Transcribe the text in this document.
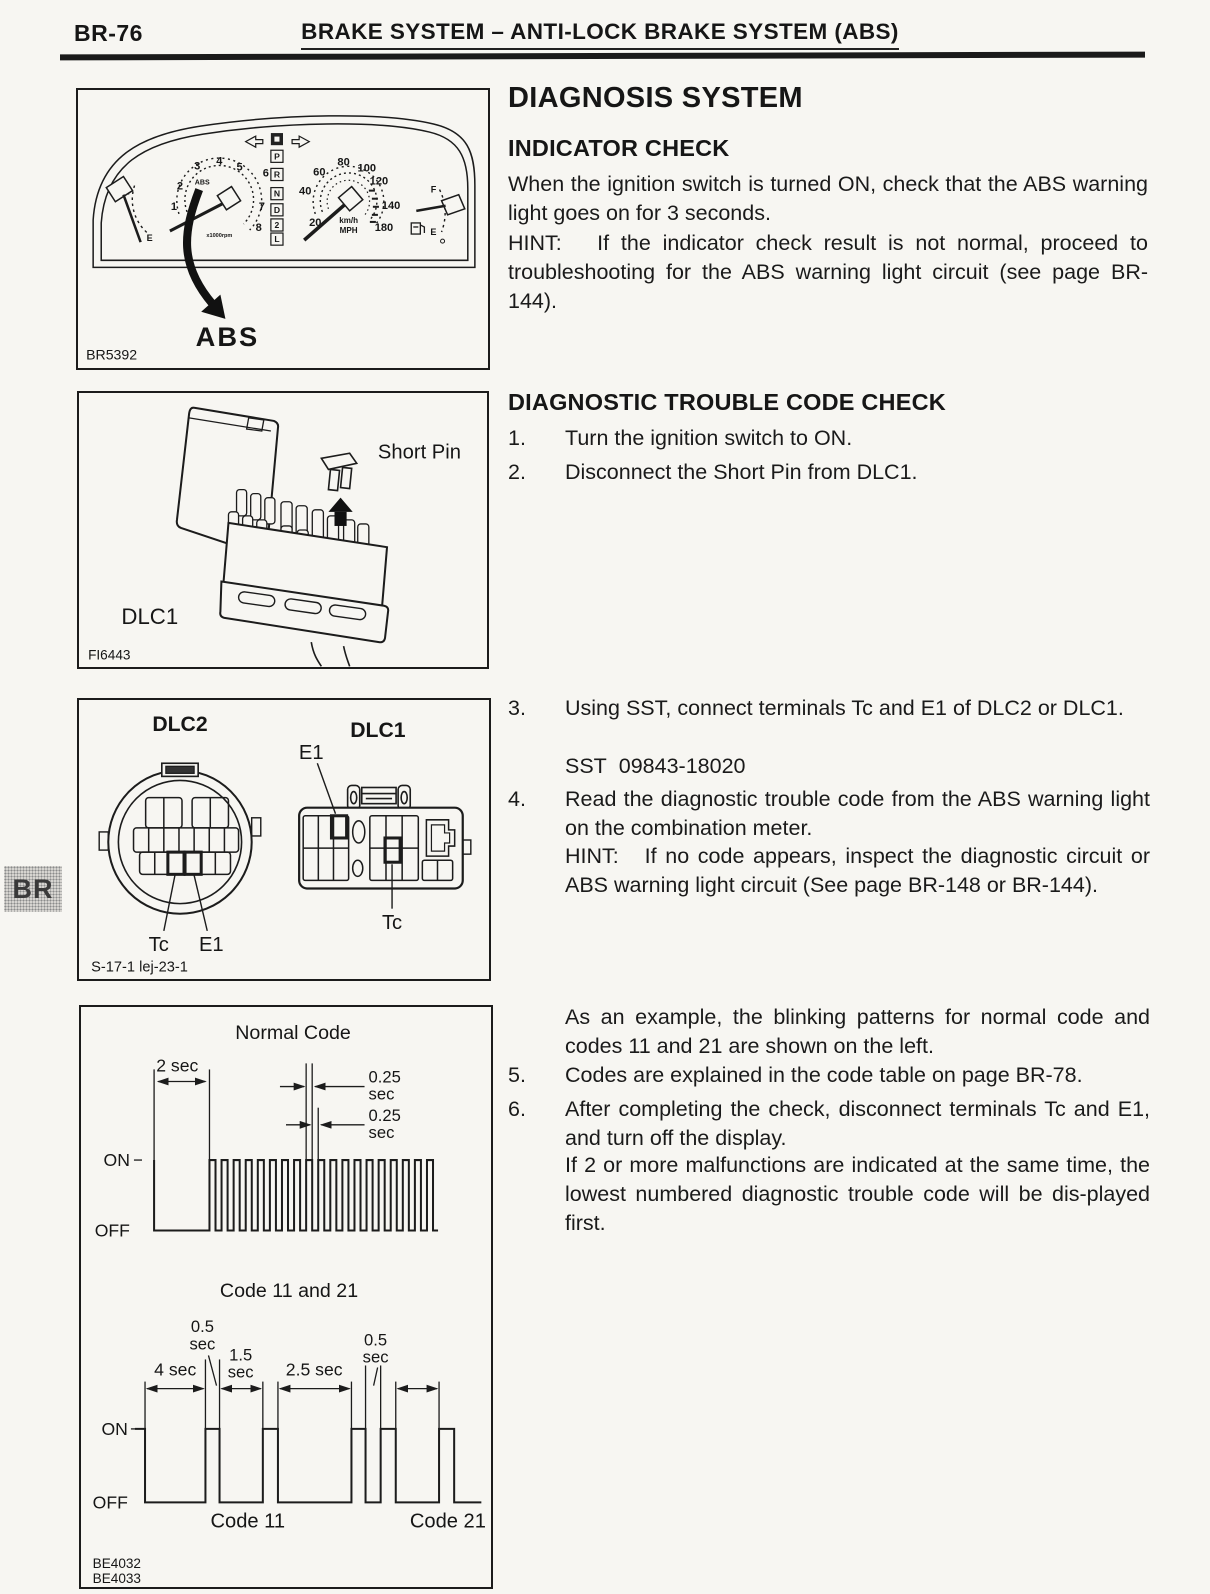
BR-76	BRAKE SYSTEM – ANTI-LOCK BRAKE SYSTEM (ABS)
BR
E
1
2
3 4
5
6
7
8
ABS
x1000rpm
P
R
N
D
2
L
20
40
60
80
100
120
140
180
km/h
MPH
F
E
ABS
BR5392
Short Pin
DLC1
FI6443
DLC2	DLC1
Tc E1
E1
Tc
S-17-1 lej-23-1
Normal Code
2 sec
0.25
sec
0.25
sec
ON
OFF
Code 11 and 21
0.5
sec
4 sec
1.5
sec 2.5 sec
0.5
sec
ON
OFF
Code 11	Code 21
BE4032
BE4033
DIAGNOSIS SYSTEM
INDICATOR CHECK
When the ignition switch is turned ON, check that the ABS warning light goes on for 3 seconds.
HINT:   If the indicator check result is not normal, proceed to troubleshooting for the ABS warning light circuit (see page BR-144).
DIAGNOSTIC TROUBLE CODE CHECK
1.	Turn the ignition switch to ON.
2.	Disconnect the Short Pin from DLC1.
3.	Using SST, connect terminals Tc and E1 of DLC2 or DLC1.
SST  09843-18020
4.	Read the diagnostic trouble code from the ABS warning light on the combination meter.
HINT:   If no code appears, inspect the diagnostic circuit or ABS warning light circuit (See page BR-148 or BR-144).
As an example, the blinking patterns for normal code and codes 11 and 21 are shown on the left.
5.	Codes are explained in the code table on page BR-78.
6.	After completing the check, disconnect terminals Tc and E1, and turn off the display.
If 2 or more malfunctions are indicated at the same time, the lowest numbered diagnostic trouble code will be dis-played first.
